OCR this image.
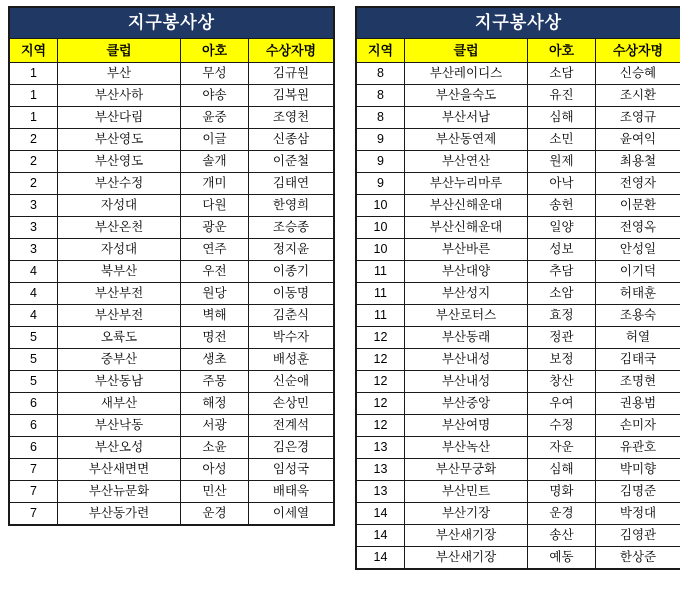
지구봉사상			
지역	클럽	아호	수상자명
1	부산	무성	김규원
1	부산사하	야송	김복원
1	부산다림	윤중	조영천
2	부산영도	이글	신종삼
2	부산영도	솔개	이준철
2	부산수정	개미	김태연
3	자성대	다원	한영희
3	부산온천	광운	조승종
3	자성대	연주	정지윤
4	북부산	우전	이종기
4	부산부전	원당	이동명
4	부산부전	벽해	김춘식
5	오륙도	명전	박수자
5	중부산	생초	배성훈
5	부산동남	주몽	신순애
6	새부산	해정	손상민
6	부산낙동	서광	전계석
6	부산오성	소윤	김은경
7	부산새면면	아성	임성국
7	부산뉴문화	민산	배태욱
7	부산동가련	운경	이세열
지구봉사상			
지역	클럽	아호	수상자명
8	부산레이디스	소담	신승혜
8	부산을숙도	유진	조시환
8	부산서남	심해	조영규
9	부산동연제	소민	윤여익
9	부산연산	원제	최용철
9	부산누리마루	아낙	전영자
10	부산신해운대	송헌	이문환
10	부산신해운대	일양	전영옥
10	부산바른	성보	안성일
11	부산대양	추담	이기덕
11	부산성지	소암	허태훈
11	부산로터스	효정	조용숙
12	부산동래	정관	허열
12	부산내성	보정	김태국
12	부산내성	창산	조명현
12	부산중앙	우여	권용범
12	부산여명	수정	손미자
13	부산녹산	자운	유관호
13	부산무궁화	심해	박미향
13	부산민트	명화	김명준
14	부산기장	운경	박정대
14	부산새기장	송산	김영관
14	부산새기장	예동	한상준
